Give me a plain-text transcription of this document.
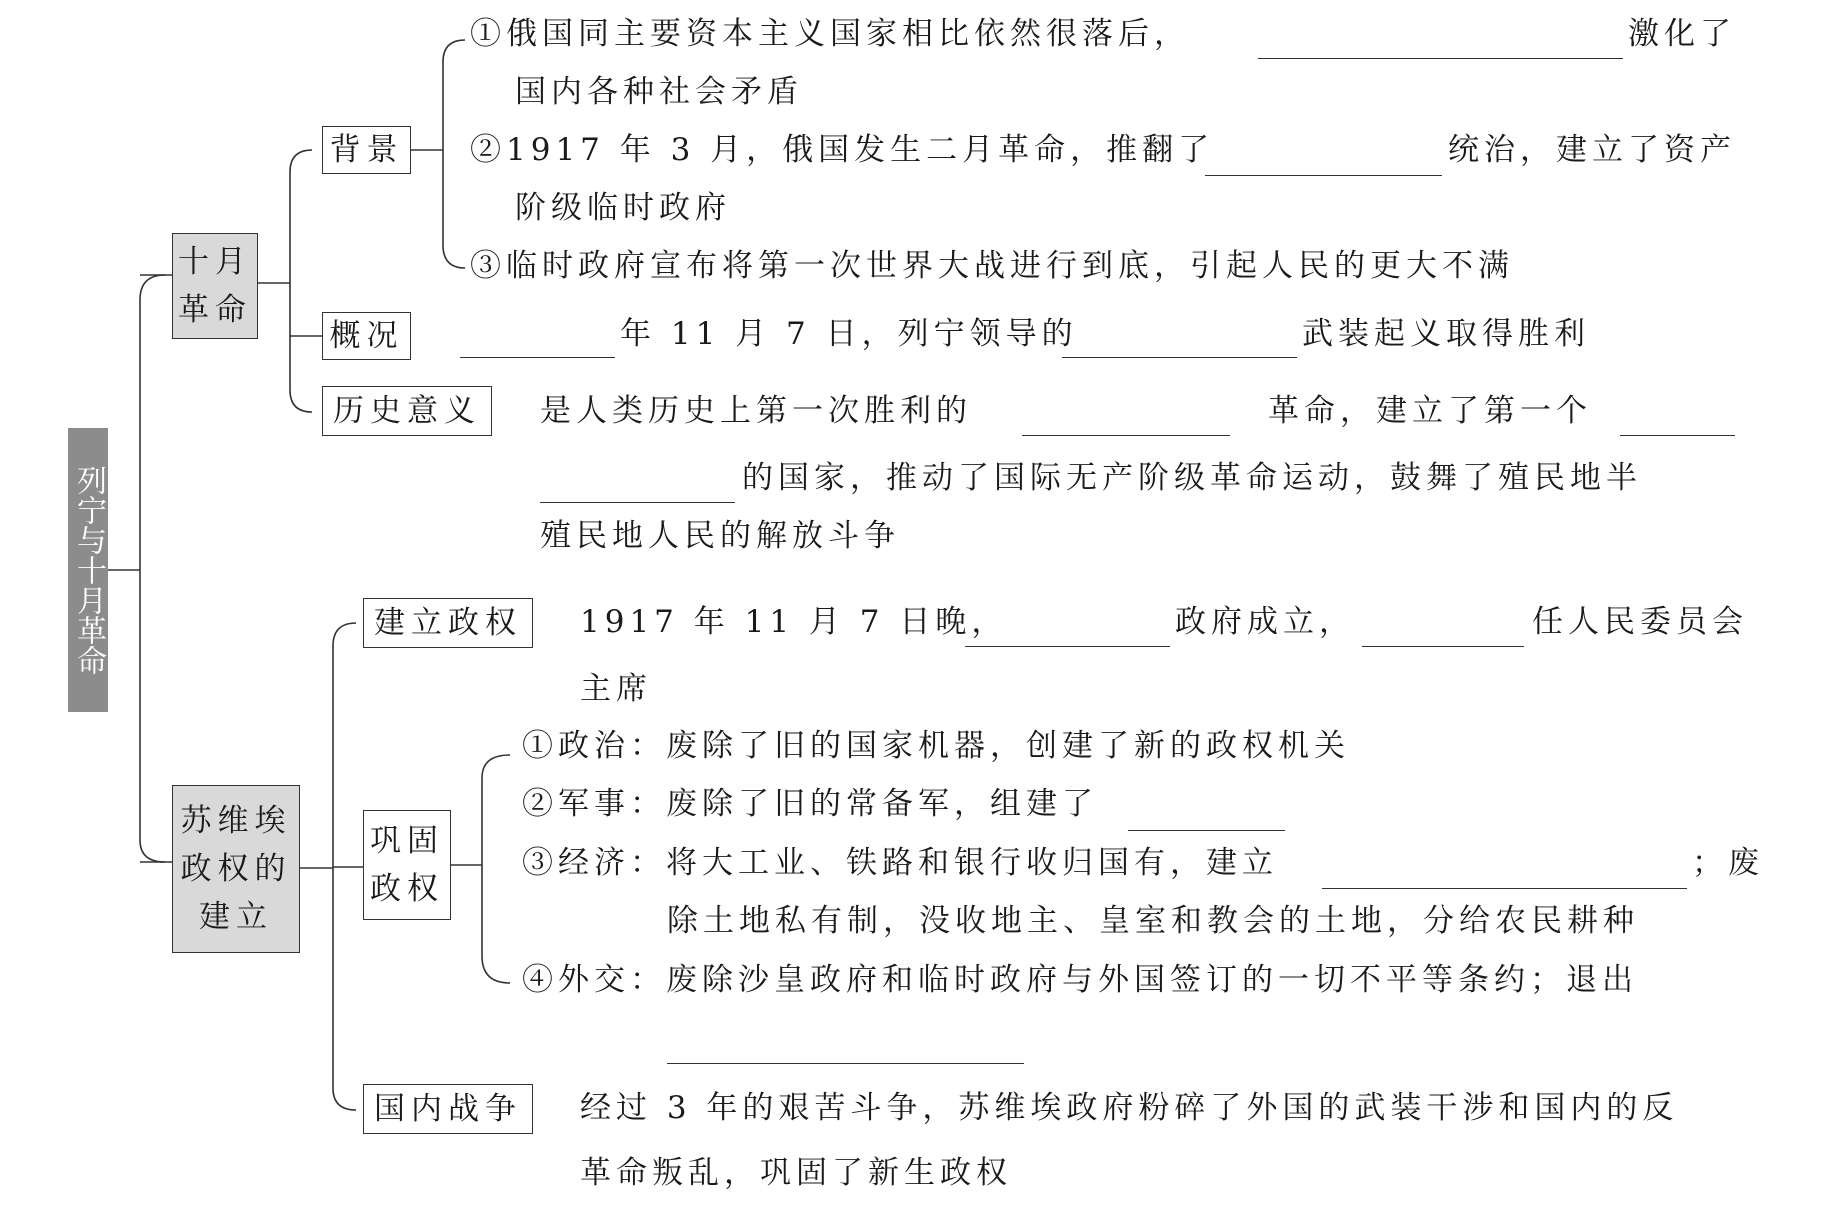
列宁与十月革命
十月
革命
背景
概况
历史意义
①俄国同主要资本主义国家相比依然很落后，	激化了
国内各种社会矛盾
②1917 年 3 月，俄国发生二月革命，推翻了	统治，建立了资产
阶级临时政府
③临时政府宣布将第一次世界大战进行到底，引起人民的更大不满
年 11 月 7 日，列宁领导的	武装起义取得胜利
是人类历史上第一次胜利的	革命，建立了第一个
的国家，推动了国际无产阶级革命运动，鼓舞了殖民地半
殖民地人民的解放斗争
苏维埃
政权的
建立
建立政权
巩固
政权
国内战争
1917 年 11 月 7 日晚，	政府成立，	任人民委员会
主席
①政治：废除了旧的国家机器，创建了新的政权机关
②军事：废除了旧的常备军，组建了
③经济：将大工业、铁路和银行收归国有，建立	；废
除土地私有制，没收地主、皇室和教会的土地，分给农民耕种
④外交：废除沙皇政府和临时政府与外国签订的一切不平等条约；退出
经过 3 年的艰苦斗争，苏维埃政府粉碎了外国的武装干涉和国内的反
革命叛乱，巩固了新生政权
